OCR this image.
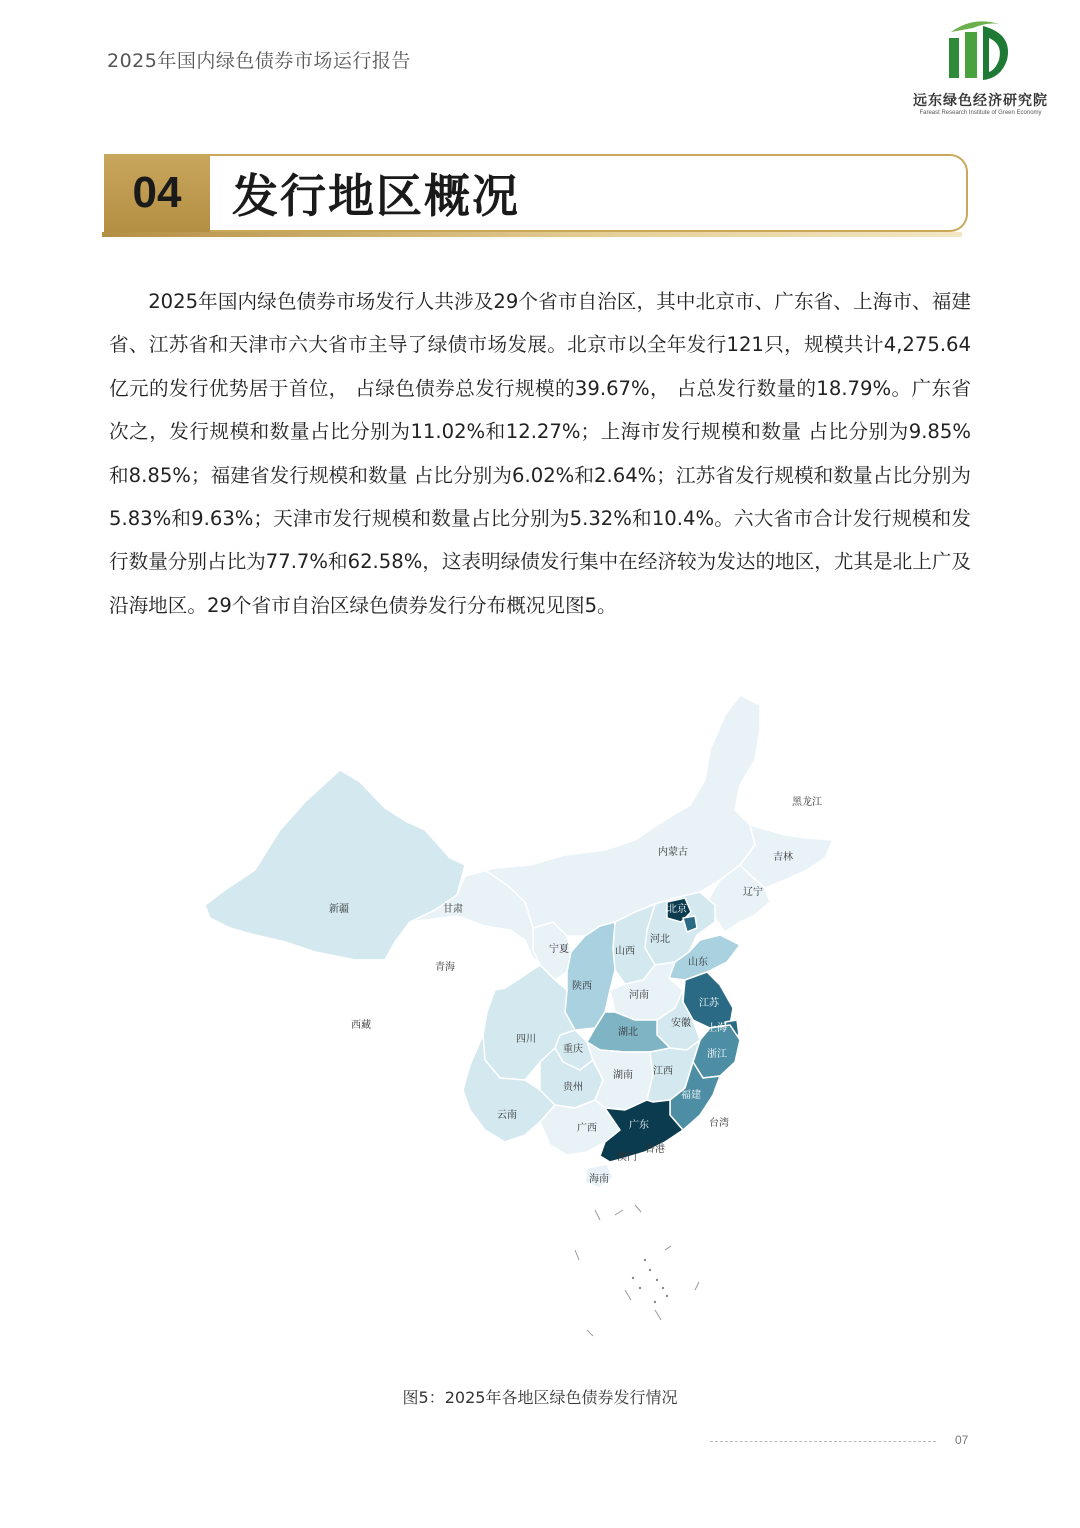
2025年国内绿色债券市场运行报告
远东绿色经济研究院
Fareast Research Institute of Green Economy
04	发行地区概况
2025年国内绿色债券市场发行人共涉及29个省市自治区，其中北京市、广东省、上海市、福建省、江苏省和天津市六大省市主导了绿债市场发展。北京市以全年发行121只，规模共计4,275.64亿元的发行优势居于首位， 占绿色债券总发行规模的39.67%， 占总发行数量的18.79%。广东省次之，发行规模和数量占比分别为11.02%和12.27%；上海市发行规模和数量 占比分别为9.85%和8.85%；福建省发行规模和数量 占比分别为6.02%和2.64%；江苏省发行规模和数量占比分别为5.83%和9.63%；天津市发行规模和数量占比分别为5.32%和10.4%。六大省市合计发行规模和发行数量分别占比为77.7%和62.58%，这表明绿债发行集中在经济较为发达的地区，尤其是北上广及沿海地区。29个省市自治区绿色债券发行分布概况见图5。
黑龙江
吉林
辽宁
内蒙古
北京
河北
山西
山东
河南
江苏
上海
安徽
湖北
浙江
湖南 江西
福建
广东
广西
海南
香港
澳门
台湾
新疆
西藏
青海
甘肃
宁夏
陕西
四川
重庆
贵州
云南
图5：2025年各地区绿色债券发行情况
07
